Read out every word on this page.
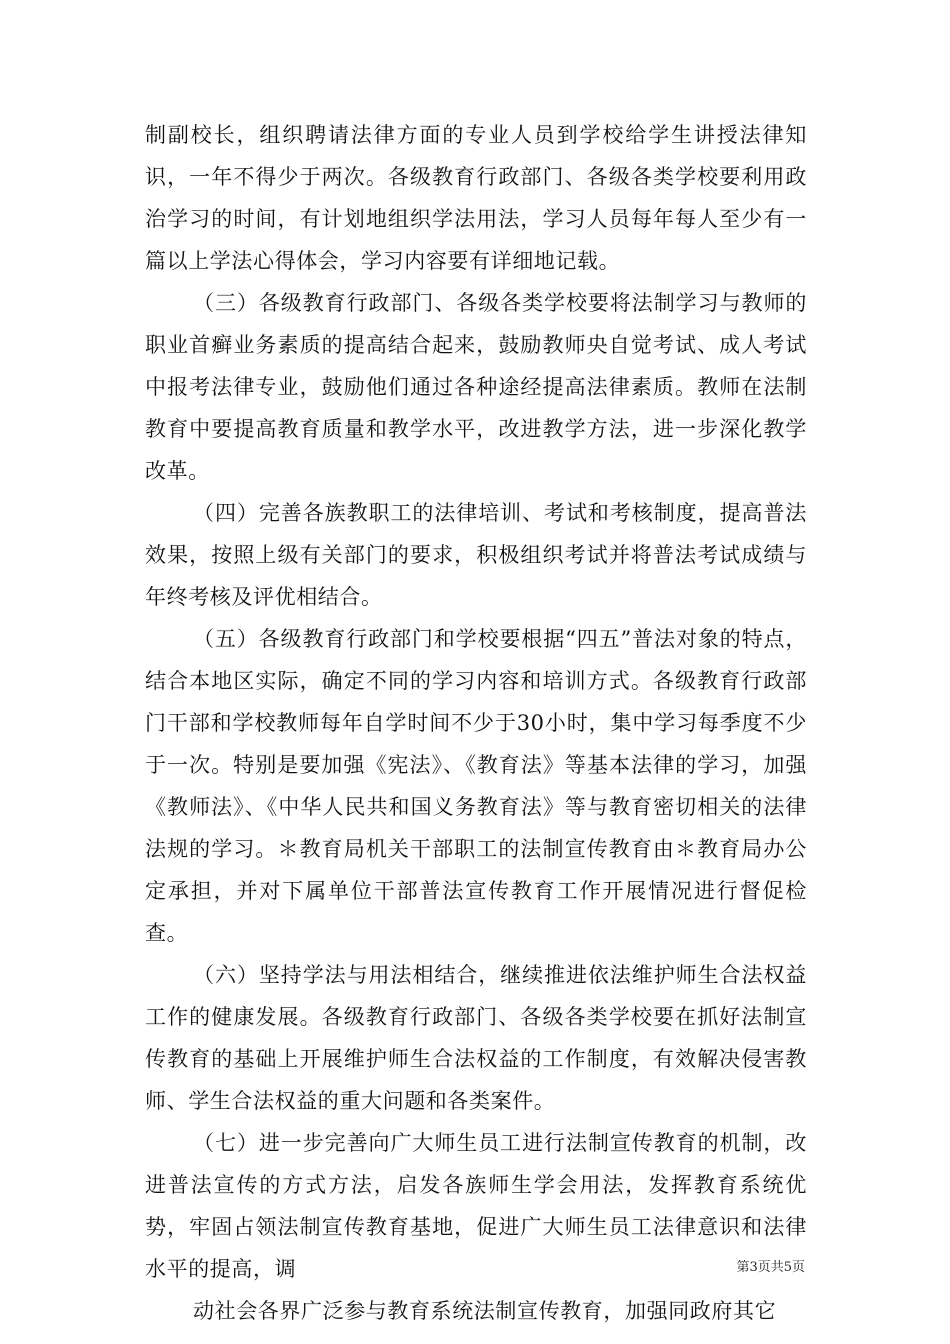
制副校长，组织聘请法律方面的专业人员到学校给学生讲授法律知识，一年不得少于两次。各级教育行政部门、各级各类学校要利用政治学习的时间，有计划地组织学法用法，学习人员每年每人至少有一篇以上学法心得体会，学习内容要有详细地记载。

（三）各级教育行政部门、各级各类学校要将法制学习与教师的职业首癣业务素质的提高结合起来，鼓励教师央自觉考试、成人考试中报考法律专业，鼓励他们通过各种途经提高法律素质。教师在法制教育中要提高教育质量和教学水平，改进教学方法，进一步深化教学改革。

（四）完善各族教职工的法律培训、考试和考核制度，提高普法效果，按照上级有关部门的要求，积极组织考试并将普法考试成绩与年终考核及评优相结合。

（五）各级教育行政部门和学校要根据“四五”普法对象的特点，结合本地区实际，确定不同的学习内容和培训方式。各级教育行政部门干部和学校教师每年自学时间不少于30小时，集中学习每季度不少于一次。特别是要加强《宪法》、《教育法》等基本法律的学习，加强《教师法》、《中华人民共和国义务教育法》等与教育密切相关的法律法规的学习。＊教育局机关干部职工的法制宣传教育由＊教育局办公定承担，并对下属单位干部普法宣传教育工作开展情况进行督促检查。

（六）坚持学法与用法相结合，继续推进依法维护师生合法权益工作的健康发展。各级教育行政部门、各级各类学校要在抓好法制宣传教育的基础上开展维护师生合法权益的工作制度，有效解决侵害教师、学生合法权益的重大问题和各类案件。

（七）进一步完善向广大师生员工进行法制宣传教育的机制，改进普法宣传的方式方法，启发各族师生学会用法，发挥教育系统优势，牢固占领法制宣传教育基地，促进广大师生员工法律意识和法律水平的提高，调

动社会各界广泛参与教育系统法制宣传教育，加强同政府其它

第3页共5页
